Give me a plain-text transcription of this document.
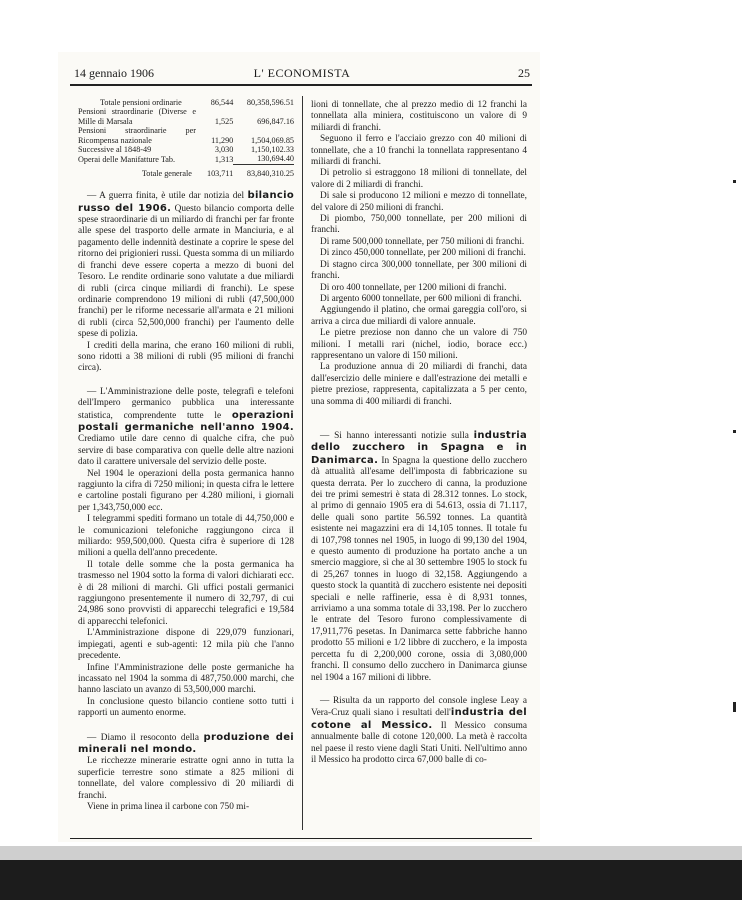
14 gennaio 1906	L' ECONOMISTA	25
Totale pensioni ordinarie	86,544	80,358,596.51
Pensioni straordinarie (Diverse e Mille di Marsala	1,525	696,847.16
Pensioni straordinarie per Ricompensa nazionale	11,290	1,504,069.85
Successive al 1848-49	3,030	1,150,102.33
Operai delle Manifatture Tab.	1,313	130,694.40
Totale generale	103,711	83,840,310.25

— A guerra finita, è utile dar notizia del bilancio russo del 1906. Questo bilancio comporta delle spese straordinarie di un miliardo di franchi per far fronte alle spese del trasporto delle armate in Manciuria, e al pagamento delle indennità destinate a coprire le spese del ritorno dei prigionieri russi. Questa somma di un miliardo di franchi deve essere coperta a mezzo di buoni del Tesoro. Le rendite ordinarie sono valutate a due miliardi di rubli (circa cinque miliardi di franchi). Le spese ordinarie comprendono 19 milioni di rubli (47,500,000 franchi) per le riforme necessarie all'armata e 21 milioni di rubli (circa 52,500,000 franchi) per l'aumento delle spese di polizia.

I crediti della marina, che erano 160 milioni di rubli, sono ridotti a 38 milioni di rubli (95 milioni di franchi circa).

— L'Amministrazione delle poste, telegrafi e telefoni dell'Impero germanico pubblica una interessante statistica, comprendente tutte le operazioni postali germaniche nell'anno 1904. Crediamo utile dare cenno di qualche cifra, che può servire di base comparativa con quelle delle altre nazioni dato il carattere universale del servizio delle poste.

Nel 1904 le operazioni della posta germanica hanno raggiunto la cifra di 7250 milioni; in questa cifra le lettere e cartoline postali figurano per 4.280 milioni, i giornali per 1,343,750,000 ecc.

I telegrammi spediti formano un totale di 44,750,000 e le comunicazioni telefoniche raggiungono circa il miliardo: 959,500,000. Questa cifra è superiore di 128 milioni a quella dell'anno precedente.

Il totale delle somme che la posta germanica ha trasmesso nel 1904 sotto la forma di valori dichiarati ecc. è di 28 milioni di marchi. Gli uffici postali germanici raggiungono presentemente il numero di 32,797, di cui 24,986 sono provvisti di apparecchi telegrafici e 19,584 di apparecchi telefonici.

L'Amministrazione dispone di 229,079 funzionari, impiegati, agenti e sub-agenti: 12 mila più che l'anno precedente.

Infine l'Amministrazione delle poste germaniche ha incassato nel 1904 la somma di 487,750.000 marchi, che hanno lasciato un avanzo di 53,500,000 marchi.

In conclusione questo bilancio contiene sotto tutti i rapporti un aumento enorme.

— Diamo il resoconto della produzione dei minerali nel mondo.

Le ricchezze minerarie estratte ogni anno in tutta la superficie terrestre sono stimate a 825 milioni di tonnellate, del valore complessivo di 20 miliardi di franchi.

Viene in prima linea il carbone con 750 mi-

lioni di tonnellate, che al prezzo medio di 12 franchi la tonnellata alla miniera, costituiscono un valore di 9 miliardi di franchi.

Seguono il ferro e l'acciaio grezzo con 40 milioni di tonnellate, che a 10 franchi la tonnellata rappresentano 4 miliardi di franchi.

Di petrolio si estraggono 18 milioni di tonnellate, del valore di 2 miliardi di franchi.

Di sale si producono 12 milioni e mezzo di tonnellate, del valore di 250 milioni di franchi.

Di piombo, 750,000 tonnellate, per 200 milioni di franchi.

Di rame 500,000 tonnellate, per 750 milioni di franchi.

Di zinco 450,000 tonnellate, per 200 milioni di franchi.

Di stagno circa 300,000 tonnellate, per 300 milioni di franchi.

Di oro 400 tonnellate, per 1200 milioni di franchi.

Di argento 6000 tonnellate, per 600 milioni di franchi.

Aggiungendo il platino, che ormai gareggia coll'oro, si arriva a circa due miliardi di valore annuale.

Le pietre preziose non danno che un valore di 750 milioni. I metalli rari (nichel, iodio, borace ecc.) rappresentano un valore di 150 milioni.

La produzione annua di 20 miliardi di franchi, data dall'esercizio delle miniere e dall'estrazione dei metalli e pietre preziose, rappresenta, capitalizzata a 5 per cento, una somma di 400 miliardi di franchi.

— Si hanno interessanti notizie sulla industria dello zucchero in Spagna e in Danimarca. In Spagna la questione dello zucchero dà attualità all'esame dell'imposta di fabbricazione su questa derrata. Per lo zucchero di canna, la produzione dei tre primi semestri è stata di 28.312 tonnes. Lo stock, al primo di gennaio 1905 era di 54.613, ossia di 71.117, delle quali sono partite 56.592 tonnes. La quantità esistente nei magazzini era di 14,105 tonnes. Il totale fu di 107,798 tonnes nel 1905, in luogo di 99,130 del 1904, e questo aumento di produzione ha portato anche a un smercio maggiore, sì che al 30 settembre 1905 lo stock fu di 25,267 tonnes in luogo di 32,158. Aggiungendo a questo stock la quantità di zucchero esistente nei depositi speciali e nelle raffinerie, essa è di 8,931 tonnes, arriviamo a una somma totale di 33,198. Per lo zucchero le entrate del Tesoro furono complessivamente di 17,911,776 pesetas. In Danimarca sette fabbriche hanno prodotto 55 milioni e 1/2 libbre di zucchero, e la imposta percetta fu di 2,200,000 corone, ossia di 3,080,000 franchi. Il consumo dello zucchero in Danimarca giunse nel 1904 a 167 milioni di libbre.

— Risulta da un rapporto del console inglese Leay a Vera-Cruz quali siano i resultati dell'industria del cotone al Messico. Il Messico consuma annualmente balle di cotone 120,000. La metà è raccolta nel paese il resto viene dagli Stati Uniti. Nell'ultimo anno il Messico ha prodotto circa 67,000 balle di co-
